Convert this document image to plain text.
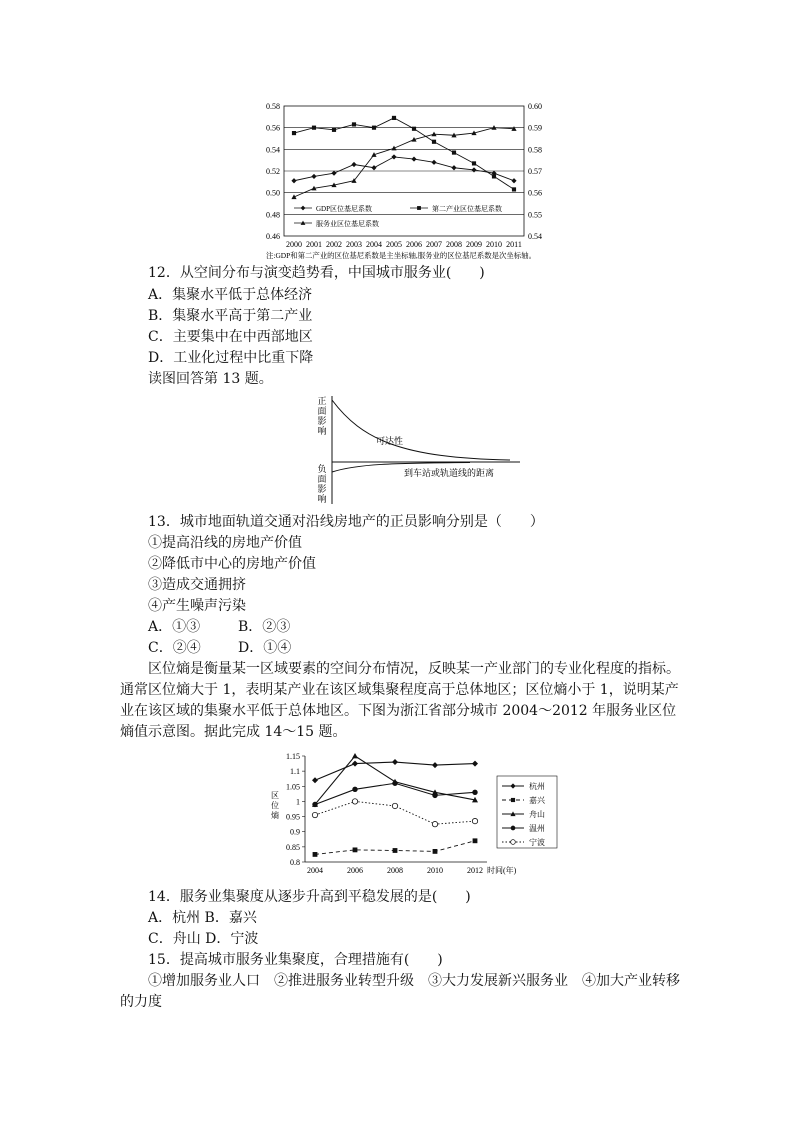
0.58
0.56
0.54
0.52
0.50
0.48
0.46
0.60
0.59
0.58
0.57
0.56
0.55
0.54
2000 2001 2002 2003 2004 2005 2006 2007 2008 2009 2010 2011
GDP区位基尼系数	第二产业区位基尼系数
服务业区位基尼系数
注:GDP和第二产业的区位基尼系数是主坐标轴,服务业的区位基尼系数是次坐标轴。
12．从空间分布与演变趋势看，中国城市服务业(　　)
A．集聚水平低于总体经济
B．集聚水平高于第二产业
C．主要集中在中西部地区
D．工业化过程中比重下降
读图回答第 13 题。
正
面
影
响
负
面
影
响
可达性
到车站或轨道线的距离
13．城市地面轨道交通对沿线房地产的正员影响分别是（　　）
①提高沿线的房地产价值
②降低市中心的房地产价值
③造成交通拥挤
④产生噪声污染
A．①③	B．②③
C．②④	D．①④
区位熵是衡量某一区域要素的空间分布情况，反映某一产业部门的专业化程度的指标。通常区位熵大于 1，表明某产业在该区域集聚程度高于总体地区；区位熵小于 1，说明某产业在该区域的集聚水平低于总体地区。下图为浙江省部分城市 2004～2012 年服务业区位熵值示意图。据此完成 14～15 题。
1.15
1.1
1.05
1
0.95
0.9
0.85
0.8
2004	2006	2008	2010	2012 时间(年)
区
位
熵
杭州
嘉兴
舟山
温州
宁波
14．服务业集聚度从逐步升高到平稳发展的是(　　)
A．杭州 B．嘉兴
C．舟山 D．宁波
15．提高城市服务业集聚度，合理措施有(　　)
①增加服务业人口　②推进服务业转型升级　③大力发展新兴服务业　④加大产业转移的力度
